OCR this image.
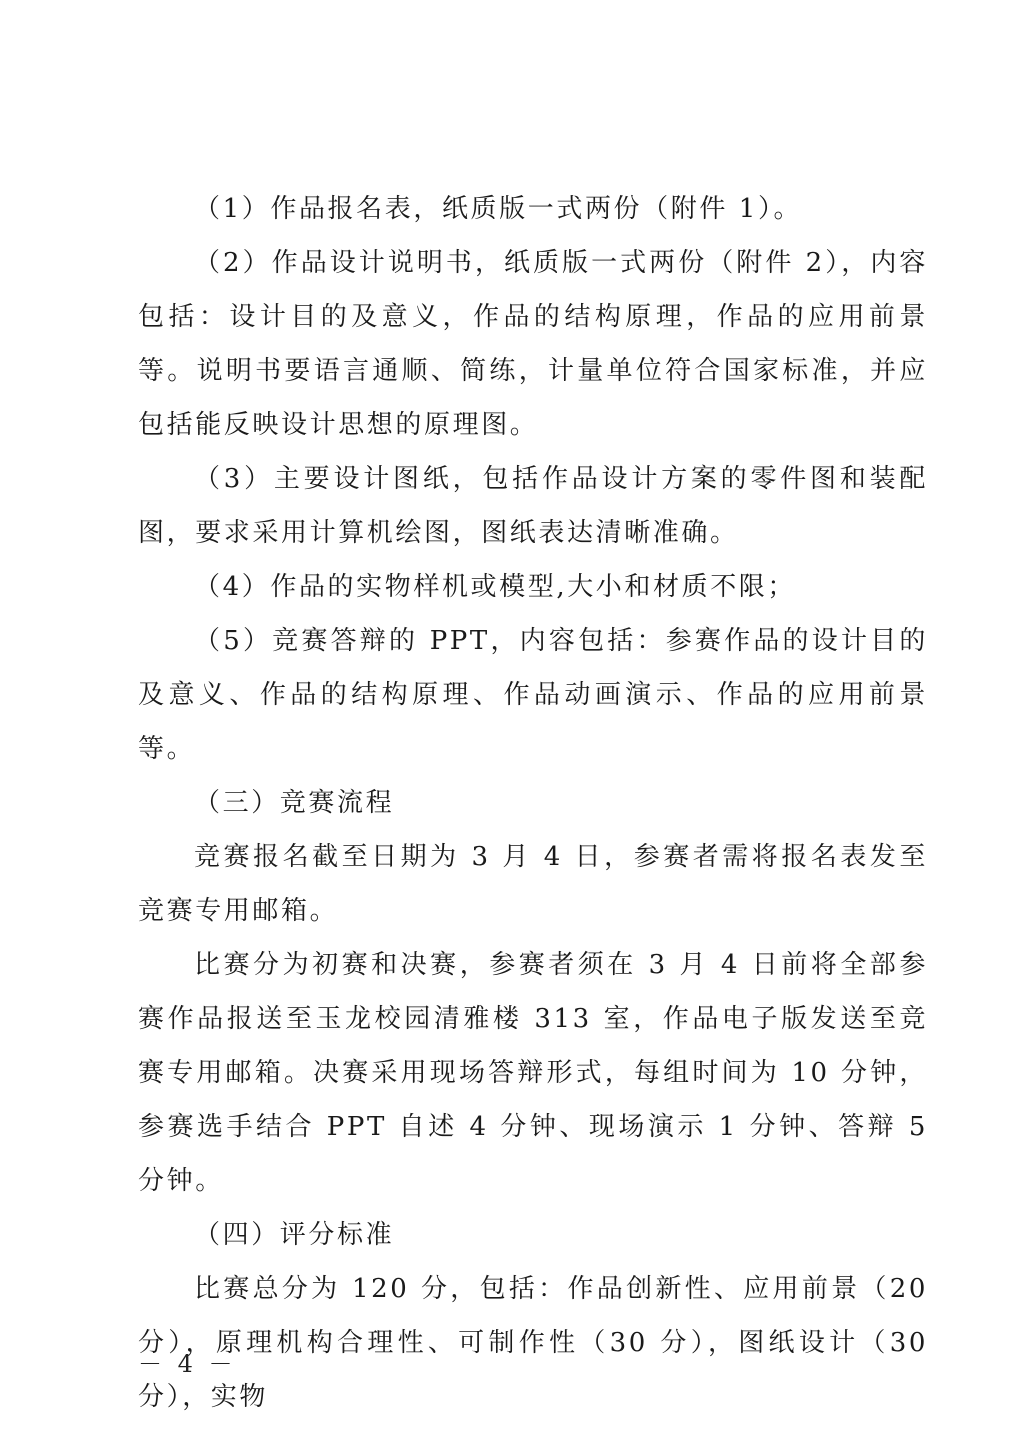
（1）作品报名表，纸质版一式两份（附件 1）。

（2）作品设计说明书，纸质版一式两份（附件 2），内容包括：设计目的及意义，作品的结构原理，作品的应用前景等。说明书要语言通顺、简练，计量单位符合国家标准，并应包括能反映设计思想的原理图。

（3）主要设计图纸，包括作品设计方案的零件图和装配图，要求采用计算机绘图，图纸表达清晰准确。

（4）作品的实物样机或模型,大小和材质不限；

（5）竞赛答辩的 PPT，内容包括：参赛作品的设计目的及意义、作品的结构原理、作品动画演示、作品的应用前景等。

（三）竞赛流程

竞赛报名截至日期为 3 月 4 日，参赛者需将报名表发至竞赛专用邮箱。

比赛分为初赛和决赛，参赛者须在 3 月 4 日前将全部参赛作品报送至玉龙校园清雅楼 313 室，作品电子版发送至竞赛专用邮箱。决赛采用现场答辩形式，每组时间为 10 分钟，参赛选手结合 PPT 自述 4 分钟、现场演示 1 分钟、答辩 5 分钟。

（四）评分标准

比赛总分为 120 分，包括：作品创新性、应用前景（20 分），原理机构合理性、可制作性（30 分），图纸设计（30 分），实物

－ 4 －
